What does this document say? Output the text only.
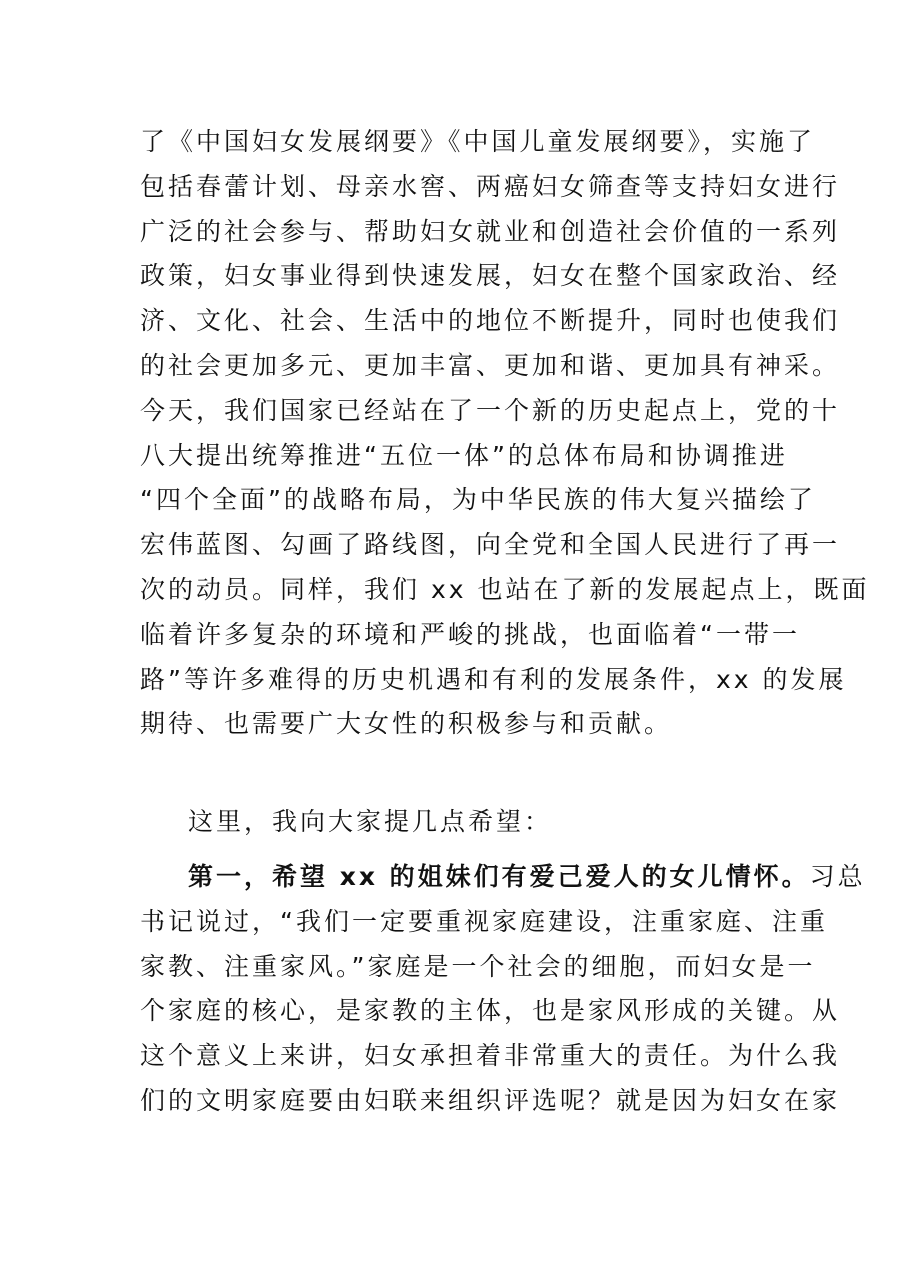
了《中国妇女发展纲要》《中国儿童发展纲要》，实施了
包括春蕾计划、母亲水窖、两癌妇女筛查等支持妇女进行
广泛的社会参与、帮助妇女就业和创造社会价值的一系列
政策，妇女事业得到快速发展，妇女在整个国家政治、经
济、文化、社会、生活中的地位不断提升，同时也使我们
的社会更加多元、更加丰富、更加和谐、更加具有神采。
今天，我们国家已经站在了一个新的历史起点上，党的十
八大提出统筹推进“五位一体”的总体布局和协调推进
“四个全面”的战略布局，为中华民族的伟大复兴描绘了
宏伟蓝图、勾画了路线图，向全党和全国人民进行了再一
次的动员。同样，我们 xx 也站在了新的发展起点上，既面
临着许多复杂的环境和严峻的挑战，也面临着“一带一
路”等许多难得的历史机遇和有利的发展条件，xx 的发展
期待、也需要广大女性的积极参与和贡献。
这里，我向大家提几点希望：
第一，希望 xx 的姐妹们有爱己爱人的女儿情怀。习总
书记说过，“我们一定要重视家庭建设，注重家庭、注重
家教、注重家风。”家庭是一个社会的细胞，而妇女是一
个家庭的核心，是家教的主体，也是家风形成的关键。从
这个意义上来讲，妇女承担着非常重大的责任。为什么我
们的文明家庭要由妇联来组织评选呢？就是因为妇女在家
